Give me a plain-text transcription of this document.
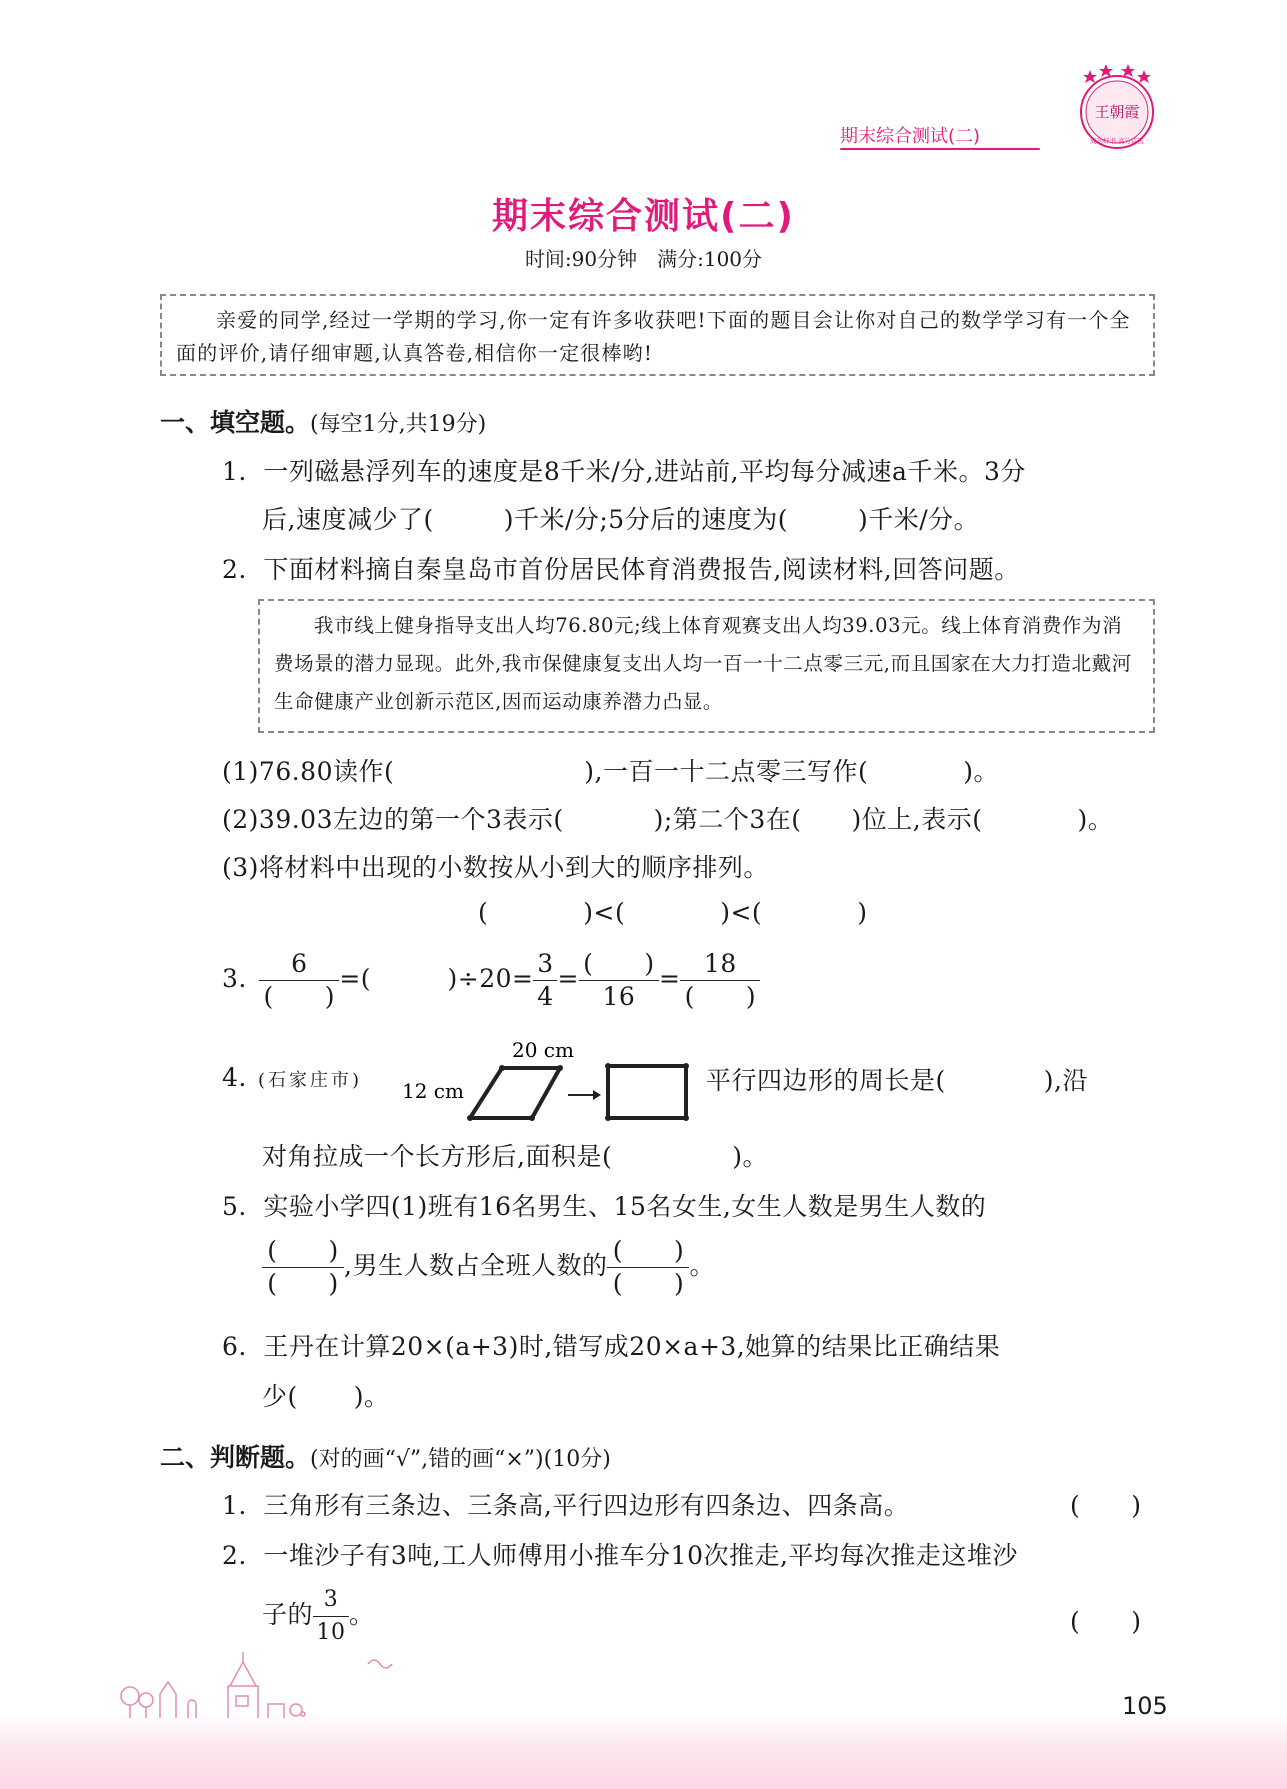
期末综合测试(二)
王朝霞
成功好书 高分首选
期末综合测试(二)
时间:90分钟　满分:100分
亲爱的同学,经过一学期的学习,你一定有许多收获吧!下面的题目会让你对自己的数学学习有一个全面的评价,请仔细审题,认真答卷,相信你一定很棒哟!
一、填空题。(每空1分,共19分)
1. 一列磁悬浮列车的速度是8千米/分,进站前,平均每分减速a千米。3分
后,速度减少了(	)千米/分;5分后的速度为(	)千米/分。
2. 下面材料摘自秦皇岛市首份居民体育消费报告,阅读材料,回答问题。
我市线上健身指导支出人均76.80元;线上体育观赛支出人均39.03元。线上体育消费作为消费场景的潜力显现。此外,我市保健康复支出人均一百一十二点零三元,而且国家在大力打造北戴河生命健康产业创新示范区,因而运动康养潜力凸显。
(1)76.80读作(	),一百一十二点零三写作(	)。
(2)39.03左边的第一个3表示(	);第二个3在( )位上,表示(	)。
(3)将材料中出现的小数按从小到大的顺序排列。
(	)<(	)<(	)
3. $\frac{6}{( )}$ =(　　　)$\div 20= \frac{3}{4} = \frac{( )}{16} = \frac{18}{( )}$
4. (石家庄市)
20 cm
12 cm	平行四边形的周长是(	),沿
对角拉成一个长方形后,面积是(	)。
5. 实验小学四(1)班有16名男生、15名女生,女生人数是男生人数的
$\frac{( )}{( )}$ ,男生人数占全班人数的 $\frac{( )}{( )}$ 。
6. 王丹在计算20×(a+3)时,错写成20×a+3,她算的结果比正确结果
少( )。
二、判断题。(对的画“√”,错的画“×”)(10分)
1. 三角形有三条边、三条高,平行四边形有四条边、四条高。	(　　)
2. 一堆沙子有3吨,工人师傅用小推车分10次推走,平均每次推走这堆沙
子的 $\frac{3}{10}$ 。	(　　)
105
